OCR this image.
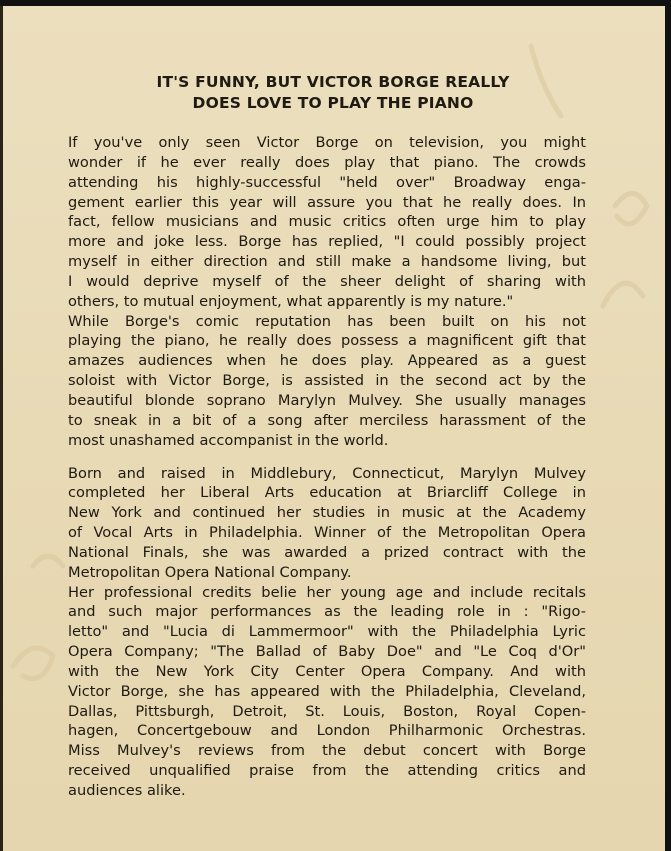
IT'S FUNNY, BUT VICTOR BORGE REALLY
DOES LOVE TO PLAY THE PIANO
If you've only seen Victor Borge on television, you might
wonder if he ever really does play that piano. The crowds
attending his highly-successful "held over" Broadway enga-
gement earlier this year will assure you that he really does. In
fact, fellow musicians and music critics often urge him to play
more and joke less. Borge has replied, "I could possibly project
myself in either direction and still make a handsome living, but
I would deprive myself of the sheer delight of sharing with
others, to mutual enjoyment, what apparently is my nature."
While Borge's comic reputation has been built on his not
playing the piano, he really does possess a magnificent gift that
amazes audiences when he does play. Appeared as a guest
soloist with Victor Borge, is assisted in the second act by the
beautiful blonde soprano Marylyn Mulvey. She usually manages
to sneak in a bit of a song after merciless harassment of the
most unashamed accompanist in the world.
Born and raised in Middlebury, Connecticut, Marylyn Mulvey
completed her Liberal Arts education at Briarcliff College in
New York and continued her studies in music at the Academy
of Vocal Arts in Philadelphia. Winner of the Metropolitan Opera
National Finals, she was awarded a prized contract with the
Metropolitan Opera National Company.
Her professional credits belie her young age and include recitals
and such major performances as the leading role in : "Rigo-
letto" and "Lucia di Lammermoor" with the Philadelphia Lyric
Opera Company; "The Ballad of Baby Doe" and "Le Coq d'Or"
with the New York City Center Opera Company. And with
Victor Borge, she has appeared with the Philadelphia, Cleveland,
Dallas, Pittsburgh, Detroit, St. Louis, Boston, Royal Copen-
hagen, Concertgebouw and London Philharmonic Orchestras.
Miss Mulvey's reviews from the debut concert with Borge
received unqualified praise from the attending critics and
audiences alike.
